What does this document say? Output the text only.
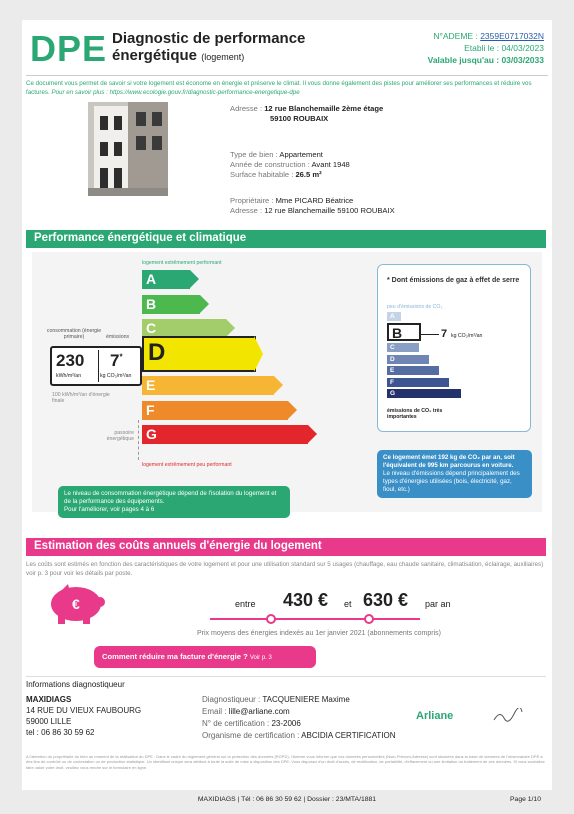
DPE Diagnostic de performance énergétique (logement)
N°ADEME : 2359E0717032N
Etabli le : 04/03/2023
Valable jusqu'au : 03/03/2033
Ce document vous permet de savoir si votre logement est économe en énergie et préserve le climat. Il vous donne également des pistes pour améliorer ses performances et réduire vos factures. Pour en savoir plus : https://www.ecologie.gouv.fr/diagnostic-performance-energetique-dpe
Adresse : 12 rue Blanchemaille 2ème étage
59100 ROUBAIX
Type de bien : Appartement
Année de construction : Avant 1948
Surface habitable : 26.5 m²
Propriétaire : Mme PICARD Béatrice
Adresse : 12 rue Blanchemaille 59100 ROUBAIX
Performance énergétique et climatique
logement extrêmement performant
logement extrêmement peu performant
consommation (énergie primaire)	émissions
230 7*
kWh/m²/an	kg CO₂/m²/an
100 kWh/m²/an d'énergie finale
passoire énergétique
* Dont émissions de gaz à effet de serre
peu d'émissions de CO₂
7 kg CO₂/m²/an
émissions de CO₂ très importantes
Ce logement émet 192 kg de CO₂ par an, soit l'équivalent de 995 km parcourus en voiture.
Le niveau d'émissions dépend principalement des types d'énergies utilisées (bois, électricité, gaz, fioul, etc.)
Le niveau de consommation énergétique dépend de l'isolation du logement et de la performance des équipements.
Pour l'améliorer, voir pages 4 à 6
Estimation des coûts annuels d'énergie du logement
Les coûts sont estimés en fonction des caractéristiques de votre logement et pour une utilisation standard sur 5 usages (chauffage, eau chaude sanitaire, climatisation, éclairage, auxiliaires) voir p. 3 pour voir les détails par poste.
€	entre 430 € et 630 € par an
Prix moyens des énergies indexés au 1er janvier 2021 (abonnements compris)
Comment réduire ma facture d'énergie ? Voir p. 3
Informations diagnostiqueur
MAXIDIAGS
14 RUE DU VIEUX FAUBOURG
59000 LILLE
tel : 06 86 30 59 62
Diagnostiqueur : TACQUENIERE Maxime
Email : lille@arliane.com
N° de certification : 23-2006
Organisme de certification : ABCIDIA CERTIFICATION
Arliane
A l'attention du propriétaire du bien au moment de la réalisation du DPE : Dans le cadre du règlement général sur la protection des données (RGPD), l'Ademe vous informe que vos données personnelles (Nom-Prénom-Adresse) sont stockées dans la base de données de l'observatoire DPE à des fins de contrôle ou de contestation ou de production statistique. Un identifiant unique sera attribué à toute la suite de mise à disposition des DPE. Vous disposez d'un droit d'accès, de rectification, de portabilité, d'effacement ou une limitation du traitement de ces données. Si vous souhaitez faire valoir votre droit, veuillez vous rendre sur le formulaire en ligne.
A
B
C
D
E
F
G
A
B
C
D
E
F
G
MAXIDIAGS | Tél : 06 86 30 59 62 | Dossier : 23/MTA/1881	Page 1/10
